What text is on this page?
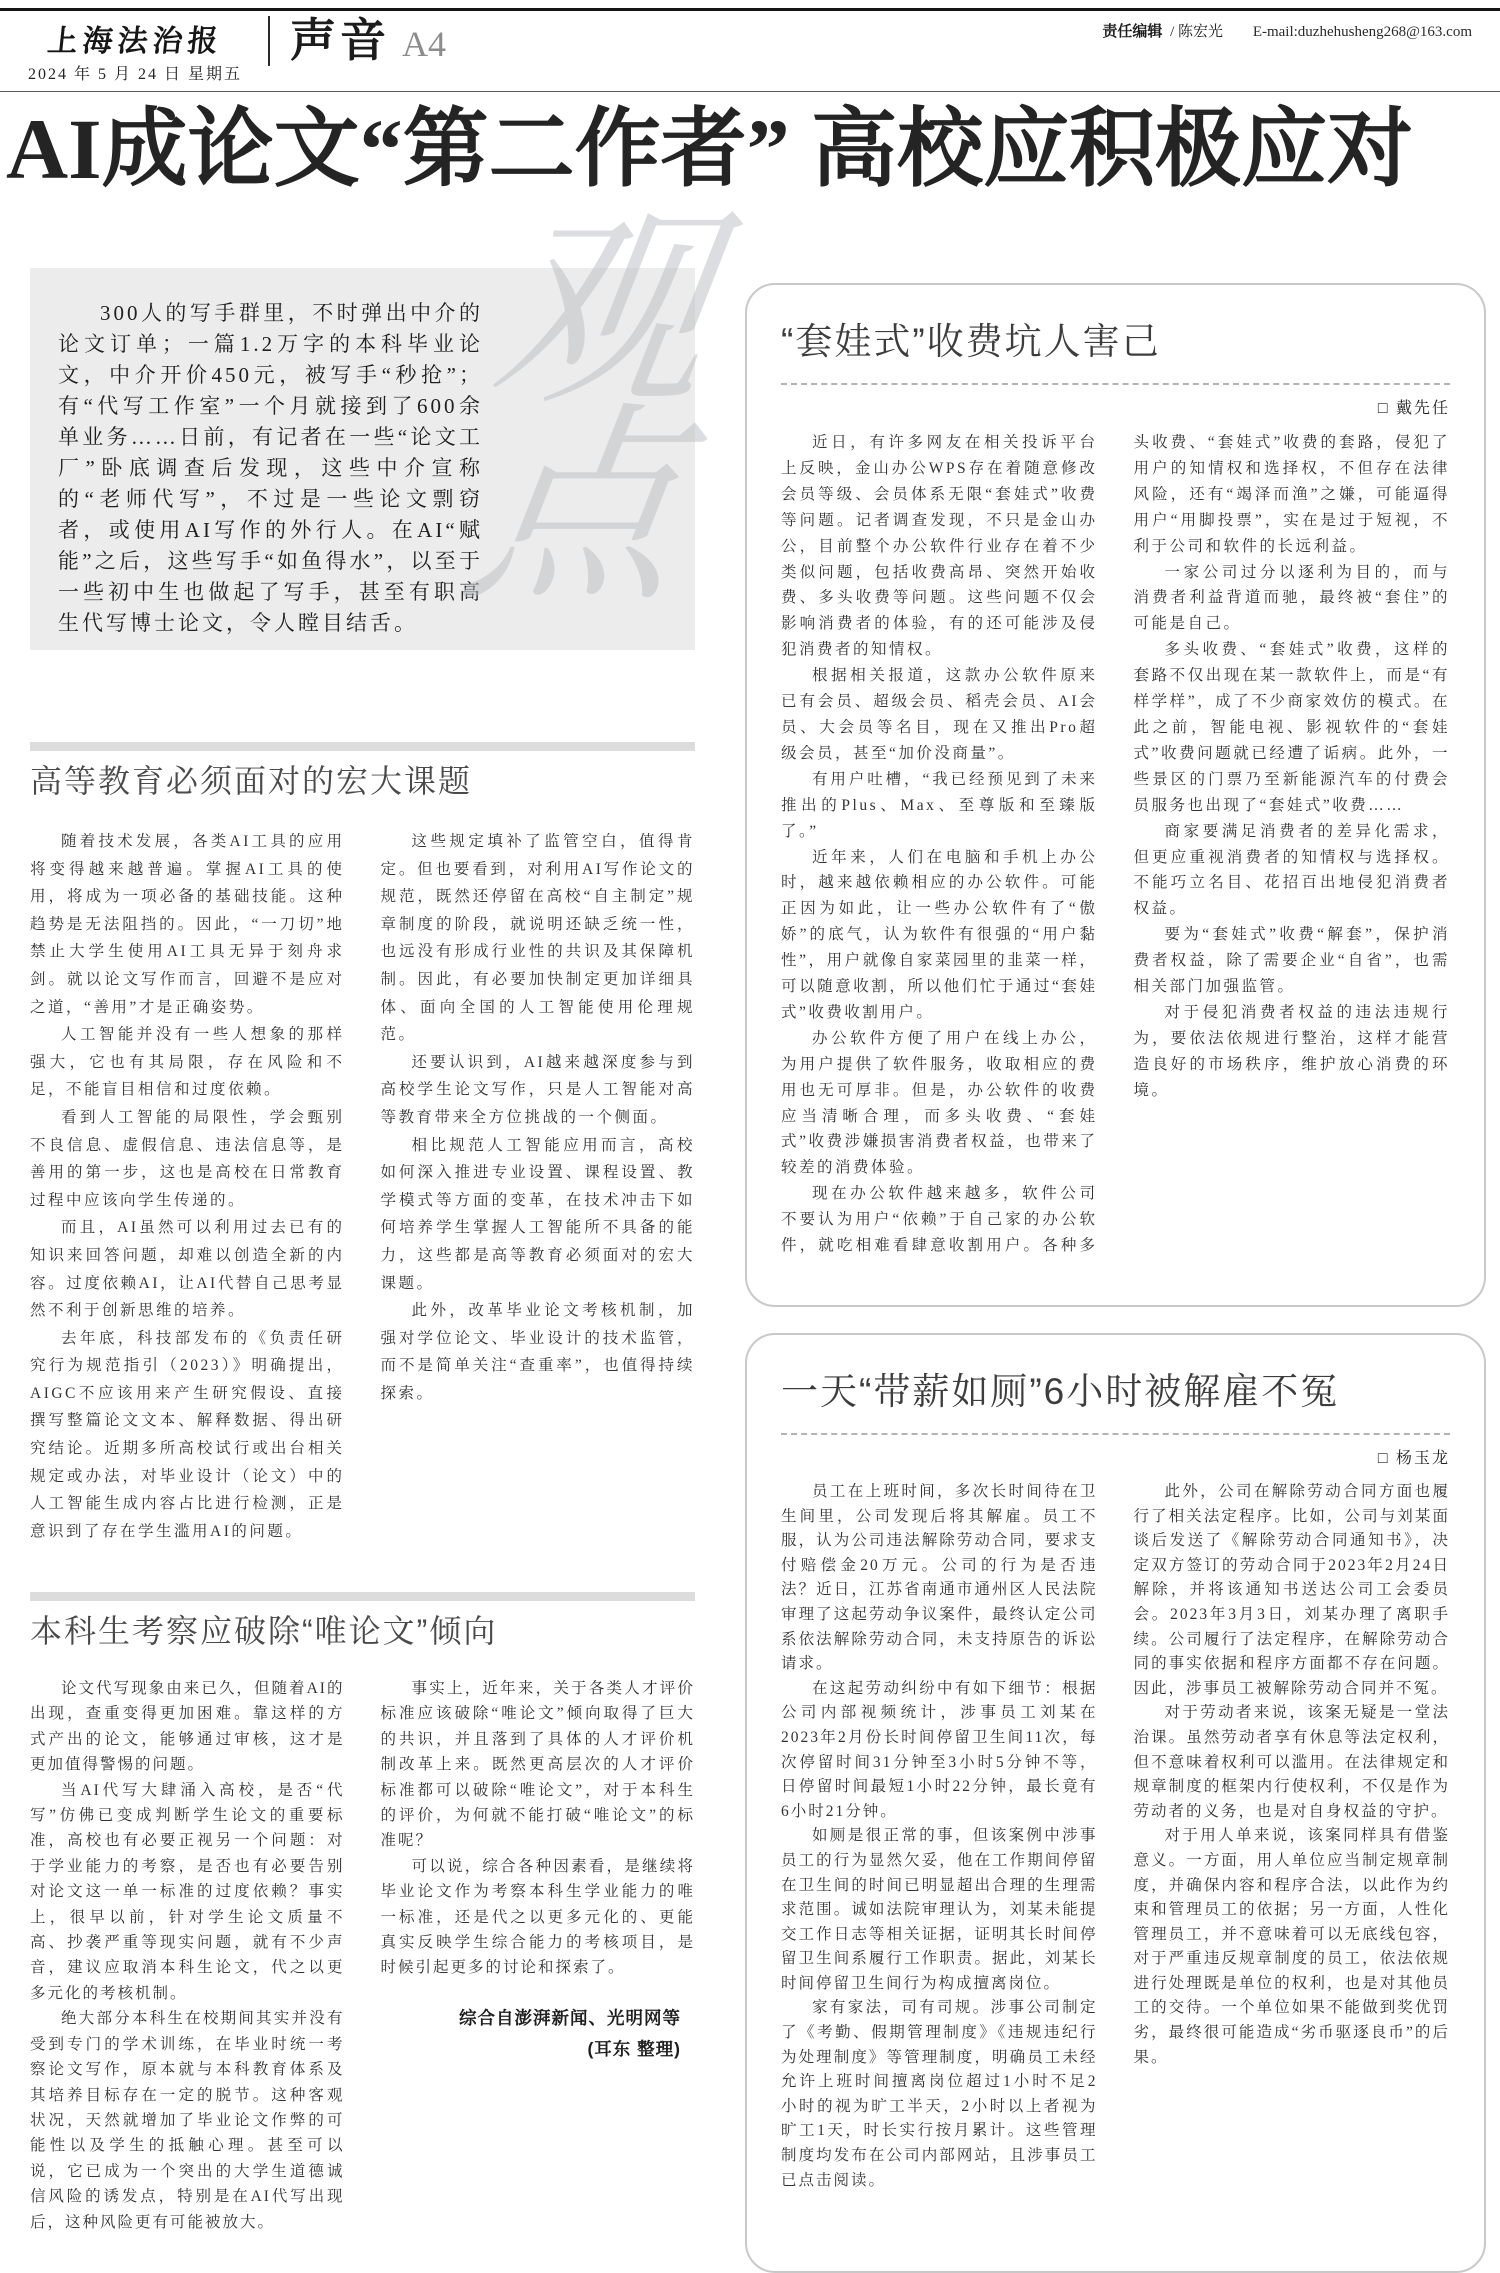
上海法治报
2024 年 5 月 24 日 星期五
声音 A4	责任编辑 / 陈宏光 E-mail:duzhehusheng268@163.com
AI成论文“第二作者” 高校应积极应对
300人的写手群里，不时弹出中介的论文订单；一篇1.2万字的本科毕业论文，中介开价450元，被写手“秒抢”；有“代写工作室”一个月就接到了600余单业务……日前，有记者在一些“论文工厂”卧底调查后发现，这些中介宣称的“老师代写”，不过是一些论文剽窃者，或使用AI写作的外行人。在AI“赋能”之后，这些写手“如鱼得水”，以至于一些初中生也做起了写手，甚至有职高生代写博士论文，令人瞠目结舌。
观
点
高等教育必须面对的宏大课题

随着技术发展，各类AI工具的应用将变得越来越普遍。掌握AI工具的使用，将成为一项必备的基础技能。这种趋势是无法阻挡的。因此，“一刀切”地禁止大学生使用AI工具无异于刻舟求剑。就以论文写作而言，回避不是应对之道，“善用”才是正确姿势。

人工智能并没有一些人想象的那样强大，它也有其局限，存在风险和不足，不能盲目相信和过度依赖。

看到人工智能的局限性，学会甄别不良信息、虚假信息、违法信息等，是善用的第一步，这也是高校在日常教育过程中应该向学生传递的。

而且，AI虽然可以利用过去已有的知识来回答问题，却难以创造全新的内容。过度依赖AI，让AI代替自己思考显然不利于创新思维的培养。

去年底，科技部发布的《负责任研究行为规范指引（2023）》明确提出，AIGC不应该用来产生研究假设、直接撰写整篇论文文本、解释数据、得出研究结论。近期多所高校试行或出台相关规定或办法，对毕业设计（论文）中的人工智能生成内容占比进行检测，正是意识到了存在学生滥用AI的问题。

这些规定填补了监管空白，值得肯定。但也要看到，对利用AI写作论文的规范，既然还停留在高校“自主制定”规章制度的阶段，就说明还缺乏统一性，也远没有形成行业性的共识及其保障机制。因此，有必要加快制定更加详细具体、面向全国的人工智能使用伦理规范。

还要认识到，AI越来越深度参与到高校学生论文写作，只是人工智能对高等教育带来全方位挑战的一个侧面。

相比规范人工智能应用而言，高校如何深入推进专业设置、课程设置、教学模式等方面的变革，在技术冲击下如何培养学生掌握人工智能所不具备的能力，这些都是高等教育必须面对的宏大课题。

此外，改革毕业论文考核机制，加强对学位论文、毕业设计的技术监管，而不是简单关注“查重率”，也值得持续探索。

本科生考察应破除“唯论文”倾向

论文代写现象由来已久，但随着AI的出现，查重变得更加困难。靠这样的方式产出的论文，能够通过审核，这才是更加值得警惕的问题。

当AI代写大肆涌入高校，是否“代写”仿佛已变成判断学生论文的重要标准，高校也有必要正视另一个问题：对于学业能力的考察，是否也有必要告别对论文这一单一标准的过度依赖？事实上，很早以前，针对学生论文质量不高、抄袭严重等现实问题，就有不少声音，建议应取消本科生论文，代之以更多元化的考核机制。

绝大部分本科生在校期间其实并没有受到专门的学术训练，在毕业时统一考察论文写作，原本就与本科教育体系及其培养目标存在一定的脱节。这种客观状况，天然就增加了毕业论文作弊的可能性以及学生的抵触心理。甚至可以说，它已成为一个突出的大学生道德诚信风险的诱发点，特别是在AI代写出现后，这种风险更有可能被放大。

事实上，近年来，关于各类人才评价标准应该破除“唯论文”倾向取得了巨大的共识，并且落到了具体的人才评价机制改革上来。既然更高层次的人才评价标准都可以破除“唯论文”，对于本科生的评价，为何就不能打破“唯论文”的标准呢？

可以说，综合各种因素看，是继续将毕业论文作为考察本科生学业能力的唯一标准，还是代之以更多元化的、更能真实反映学生综合能力的考核项目，是时候引起更多的讨论和探索了。

综合自澎湃新闻、光明网等
(耳东 整理)
“套娃式”收费坑人害己
□ 戴先任

近日，有许多网友在相关投诉平台上反映，金山办公WPS存在着随意修改会员等级、会员体系无限“套娃式”收费等问题。记者调查发现，不只是金山办公，目前整个办公软件行业存在着不少类似问题，包括收费高昂、突然开始收费、多头收费等问题。这些问题不仅会影响消费者的体验，有的还可能涉及侵犯消费者的知情权。

根据相关报道，这款办公软件原来已有会员、超级会员、稻壳会员、AI会员、大会员等名目，现在又推出Pro超级会员，甚至“加价没商量”。

有用户吐槽，“我已经预见到了未来推出的Plus、Max、至尊版和至臻版了。”

近年来，人们在电脑和手机上办公时，越来越依赖相应的办公软件。可能正因为如此，让一些办公软件有了“傲娇”的底气，认为软件有很强的“用户黏性”，用户就像自家菜园里的韭菜一样，可以随意收割，所以他们忙于通过“套娃式”收费收割用户。

办公软件方便了用户在线上办公，为用户提供了软件服务，收取相应的费用也无可厚非。但是，办公软件的收费应当清晰合理，而多头收费、“套娃式”收费涉嫌损害消费者权益，也带来了较差的消费体验。

现在办公软件越来越多，软件公司不要认为用户“依赖”于自己家的办公软件，就吃相难看肆意收割用户。各种多头收费、“套娃式”收费的套路，侵犯了用户的知情权和选择权，不但存在法律风险，还有“竭泽而渔”之嫌，可能逼得用户“用脚投票”，实在是过于短视，不利于公司和软件的长远利益。

一家公司过分以逐利为目的，而与消费者利益背道而驰，最终被“套住”的可能是自己。

多头收费、“套娃式”收费，这样的套路不仅出现在某一款软件上，而是“有样学样”，成了不少商家效仿的模式。在此之前，智能电视、影视软件的“套娃式”收费问题就已经遭了诟病。此外，一些景区的门票乃至新能源汽车的付费会员服务也出现了“套娃式”收费……

商家要满足消费者的差异化需求，但更应重视消费者的知情权与选择权。不能巧立名目、花招百出地侵犯消费者权益。

要为“套娃式”收费“解套”，保护消费者权益，除了需要企业“自省”，也需相关部门加强监管。

对于侵犯消费者权益的违法违规行为，要依法依规进行整治，这样才能营造良好的市场秩序，维护放心消费的环境。

一天“带薪如厕”6小时被解雇不冤
□ 杨玉龙

员工在上班时间，多次长时间待在卫生间里，公司发现后将其解雇。员工不服，认为公司违法解除劳动合同，要求支付赔偿金20万元。公司的行为是否违法？近日，江苏省南通市通州区人民法院审理了这起劳动争议案件，最终认定公司系依法解除劳动合同，未支持原告的诉讼请求。

在这起劳动纠纷中有如下细节：根据公司内部视频统计，涉事员工刘某在2023年2月份长时间停留卫生间11次，每次停留时间31分钟至3小时5分钟不等，日停留时间最短1小时22分钟，最长竟有6小时21分钟。

如厕是很正常的事，但该案例中涉事员工的行为显然欠妥，他在工作期间停留在卫生间的时间已明显超出合理的生理需求范围。诚如法院审理认为，刘某未能提交工作日志等相关证据，证明其长时间停留卫生间系履行工作职责。据此，刘某长时间停留卫生间行为构成擅离岗位。

家有家法，司有司规。涉事公司制定了《考勤、假期管理制度》《违规违纪行为处理制度》等管理制度，明确员工未经允许上班时间擅离岗位超过1小时不足2小时的视为旷工半天，2小时以上者视为旷工1天，时长实行按月累计。这些管理制度均发布在公司内部网站，且涉事员工已点击阅读。

此外，公司在解除劳动合同方面也履行了相关法定程序。比如，公司与刘某面谈后发送了《解除劳动合同通知书》，决定双方签订的劳动合同于2023年2月24日解除，并将该通知书送达公司工会委员会。2023年3月3日，刘某办理了离职手续。公司履行了法定程序，在解除劳动合同的事实依据和程序方面都不存在问题。因此，涉事员工被解除劳动合同并不冤。

对于劳动者来说，该案无疑是一堂法治课。虽然劳动者享有休息等法定权利，但不意味着权利可以滥用。在法律规定和规章制度的框架内行使权利，不仅是作为劳动者的义务，也是对自身权益的守护。

对于用人单来说，该案同样具有借鉴意义。一方面，用人单位应当制定规章制度，并确保内容和程序合法，以此作为约束和管理员工的依据；另一方面，人性化管理员工，并不意味着可以无底线包容，对于严重违反规章制度的员工，依法依规进行处理既是单位的权利，也是对其他员工的交待。一个单位如果不能做到奖优罚劣，最终很可能造成“劣币驱逐良币”的后果。
